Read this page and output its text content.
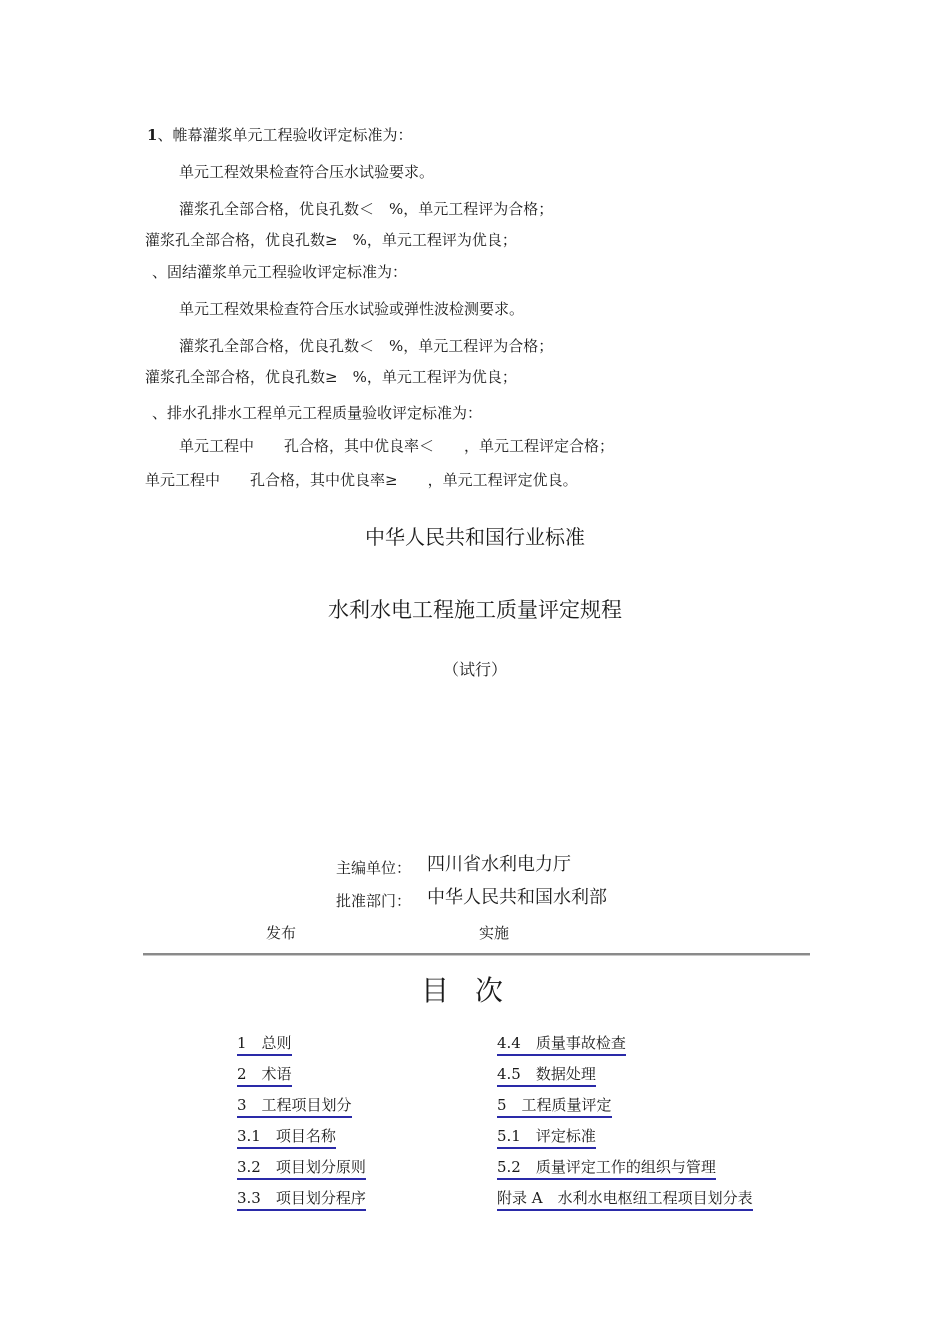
1、帷幕灌浆单元工程验收评定标准为：
单元工程效果检查符合压水试验要求。
灌浆孔全部合格，优良孔数＜　%，单元工程评为合格；
灌浆孔全部合格，优良孔数≥　%，单元工程评为优良；
、固结灌浆单元工程验收评定标准为：
单元工程效果检查符合压水试验或弹性波检测要求。
灌浆孔全部合格，优良孔数＜　%，单元工程评为合格；
灌浆孔全部合格，优良孔数≥　%，单元工程评为优良；
、排水孔排水工程单元工程质量验收评定标准为：
单元工程中　　孔合格，其中优良率＜　　，单元工程评定合格；
单元工程中　　孔合格，其中优良率≥　　，单元工程评定优良。
中华人民共和国行业标准
水利水电工程施工质量评定规程
（试行）
主编单位： 四川省水利电力厅
批准部门： 中华人民共和国水利部
发布	实施
目次
1　总则
2　术语
3　工程项目划分
3.1　项目名称
3.2　项目划分原则
3.3　项目划分程序
4.4　质量事故检查
4.5　数据处理
5　工程质量评定
5.1　评定标准
5.2　质量评定工作的组织与管理
附录 A　水利水电枢纽工程项目划分表
